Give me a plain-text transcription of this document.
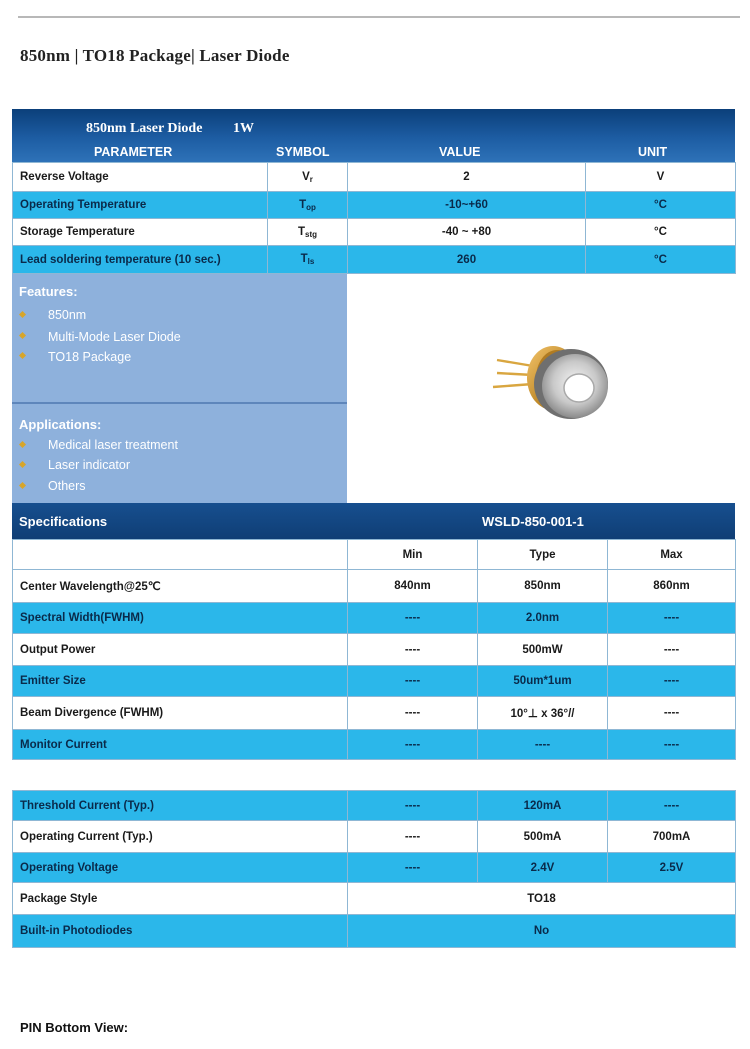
850nm | TO18 Package| Laser Diode
850nm Laser Diode 1W
PARAMETER	SYMBOL	VALUE	UNIT
Reverse Voltage	$V_r$	2	V
Operating Temperature	$T_{op}$	-10~+60	°C
Storage Temperature	$T_{stg}$	-40 ~ +80	°C
Lead soldering temperature (10 sec.)	$T_{ls}$	260	°C
Features:
850nm
Multi-Mode Laser Diode
TO18 Package
Applications:
Medical laser treatment
Laser indicator
Others
Specifications	WSLD-850-001-1
	Min	Type	Max
Center Wavelength@25℃	840nm	850nm	860nm
Spectral Width(FWHM)	----	2.0nm	----
Output Power	----	500mW	----
Emitter Size	----	50um*1um	----
Beam Divergence (FWHM)	----	10°⊥ x 36°//	----
Monitor Current	----	----	----

Threshold Current (Typ.)	----	120mA	----
Operating Current (Typ.)	----	500mA	700mA
Operating Voltage	----	2.4V	2.5V
Package Style	TO18		
Built-in Photodiodes	No		
PIN Bottom View:
